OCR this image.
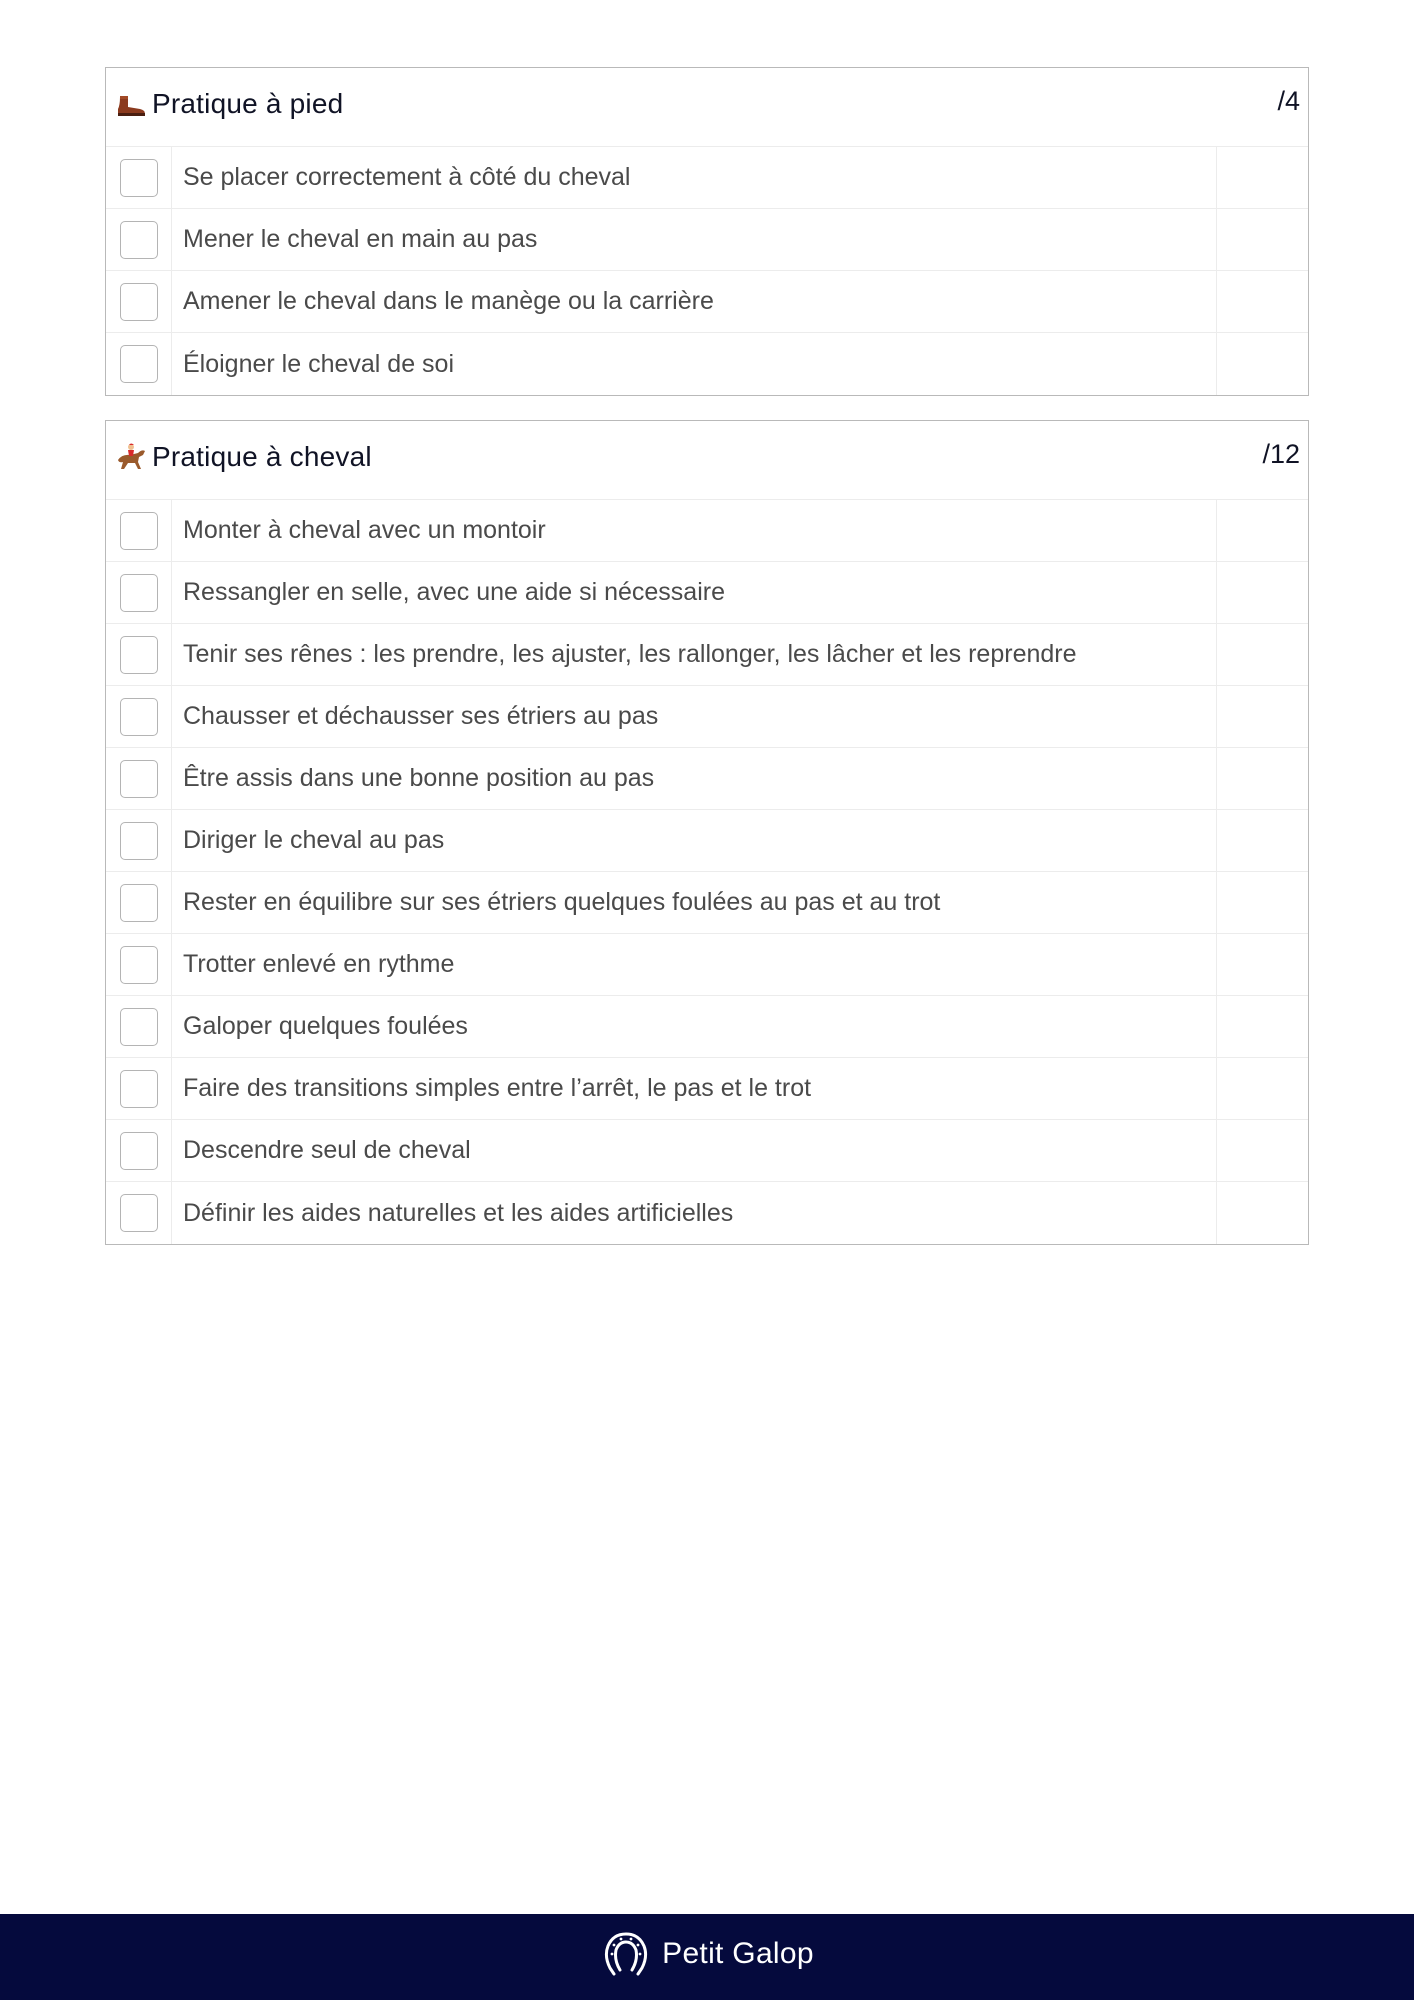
Pratique à pied	/4
Se placer correctement à côté du cheval
Mener le cheval en main au pas
Amener le cheval dans le manège ou la carrière
Éloigner le cheval de soi
Pratique à cheval	/12
Monter à cheval avec un montoir
Ressangler en selle, avec une aide si nécessaire
Tenir ses rênes : les prendre, les ajuster, les rallonger, les lâcher et les reprendre
Chausser et déchausser ses étriers au pas
Être assis dans une bonne position au pas
Diriger le cheval au pas
Rester en équilibre sur ses étriers quelques foulées au pas et au trot
Trotter enlevé en rythme
Galoper quelques foulées
Faire des transitions simples entre l’arrêt, le pas et le trot
Descendre seul de cheval
Définir les aides naturelles et les aides artificielles
Petit Galop
